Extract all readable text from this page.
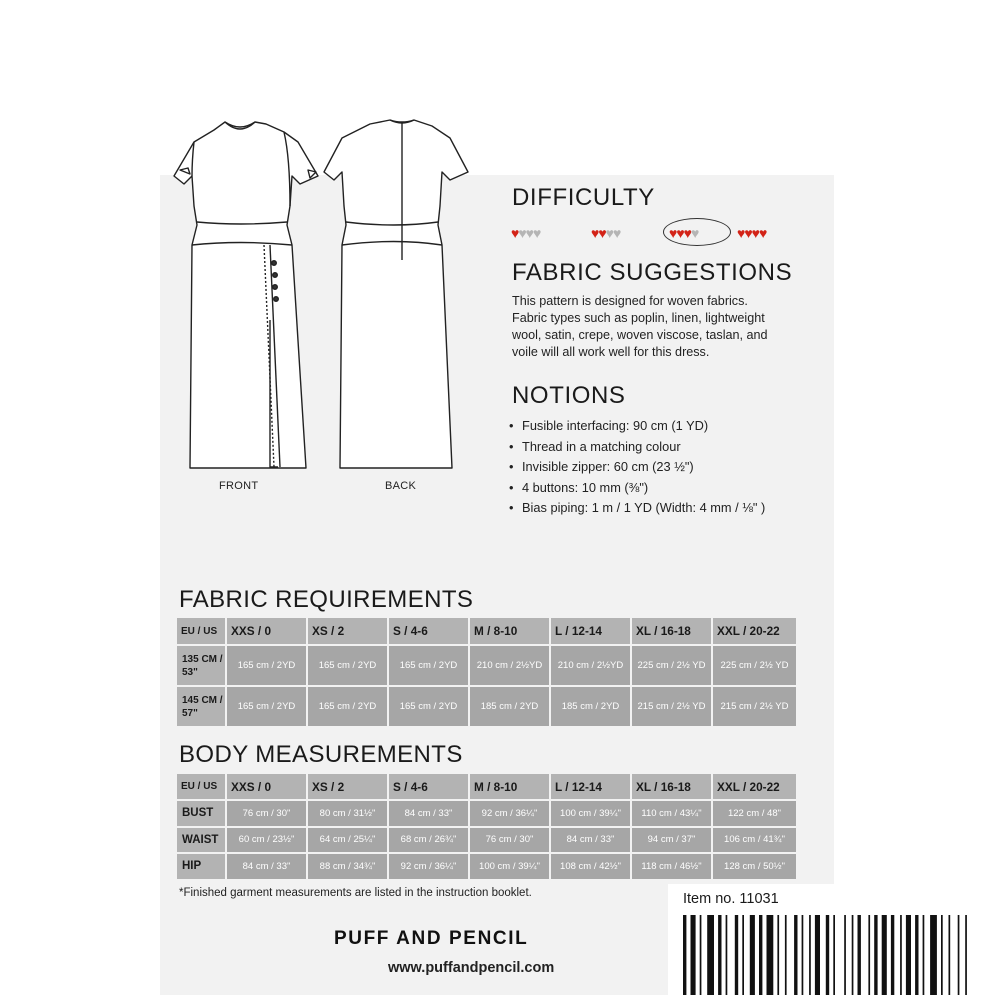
FRONT	BACK
DIFFICULTY
♥♥♥♥	♥♥♥♥	♥♥♥♥	♥♥♥♥
FABRIC SUGGESTIONS
This pattern is designed for woven fabrics.
Fabric types such as poplin, linen, lightweight
wool, satin, crepe, woven viscose, taslan, and
voile will all work well for this dress.
NOTIONS
• Fusible interfacing: 90 cm (1 YD)
• Thread in a matching colour
• Invisible zipper: 60 cm (23 ½")
• 4 buttons: 10 mm (⅜")
• Bias piping: 1 m / 1 YD (Width: 4 mm / ⅛" )
FABRIC REQUIREMENTS
EU / US	XXS / 0	XS / 2	S / 4-6	M / 8-10	L / 12-14	XL / 16-18	XXL / 20-22
135 CM / 53"	165 cm / 2YD	165 cm / 2YD	165 cm / 2YD	210 cm / 2½YD	210 cm / 2½YD	225 cm / 2½ YD	225 cm / 2½ YD
145 CM / 57"	165 cm / 2YD	165 cm / 2YD	165 cm / 2YD	185 cm / 2YD	185 cm / 2YD	215 cm / 2½ YD	215 cm / 2½ YD
BODY MEASUREMENTS
EU / US	XXS / 0	XS / 2	S / 4-6	M / 8-10	L / 12-14	XL / 16-18	XXL / 20-22
BUST	76 cm / 30"	80 cm / 31½"	84 cm / 33"	92 cm / 36¼"	100 cm / 39¼"	110 cm / 43¼"	122 cm / 48"
WAIST	60 cm / 23½"	64 cm / 25¼"	68 cm / 26¾"	76 cm / 30"	84 cm / 33"	94 cm / 37"	106 cm / 41¾"
HIP	84 cm / 33"	88 cm / 34¾"	92 cm / 36¼"	100 cm / 39¼"	108 cm / 42½"	118 cm / 46½"	128 cm / 50½"
*Finished garment measurements are listed in the instruction booklet.	Item no. 11031
PUFF AND PENCIL
www.puffandpencil.com
